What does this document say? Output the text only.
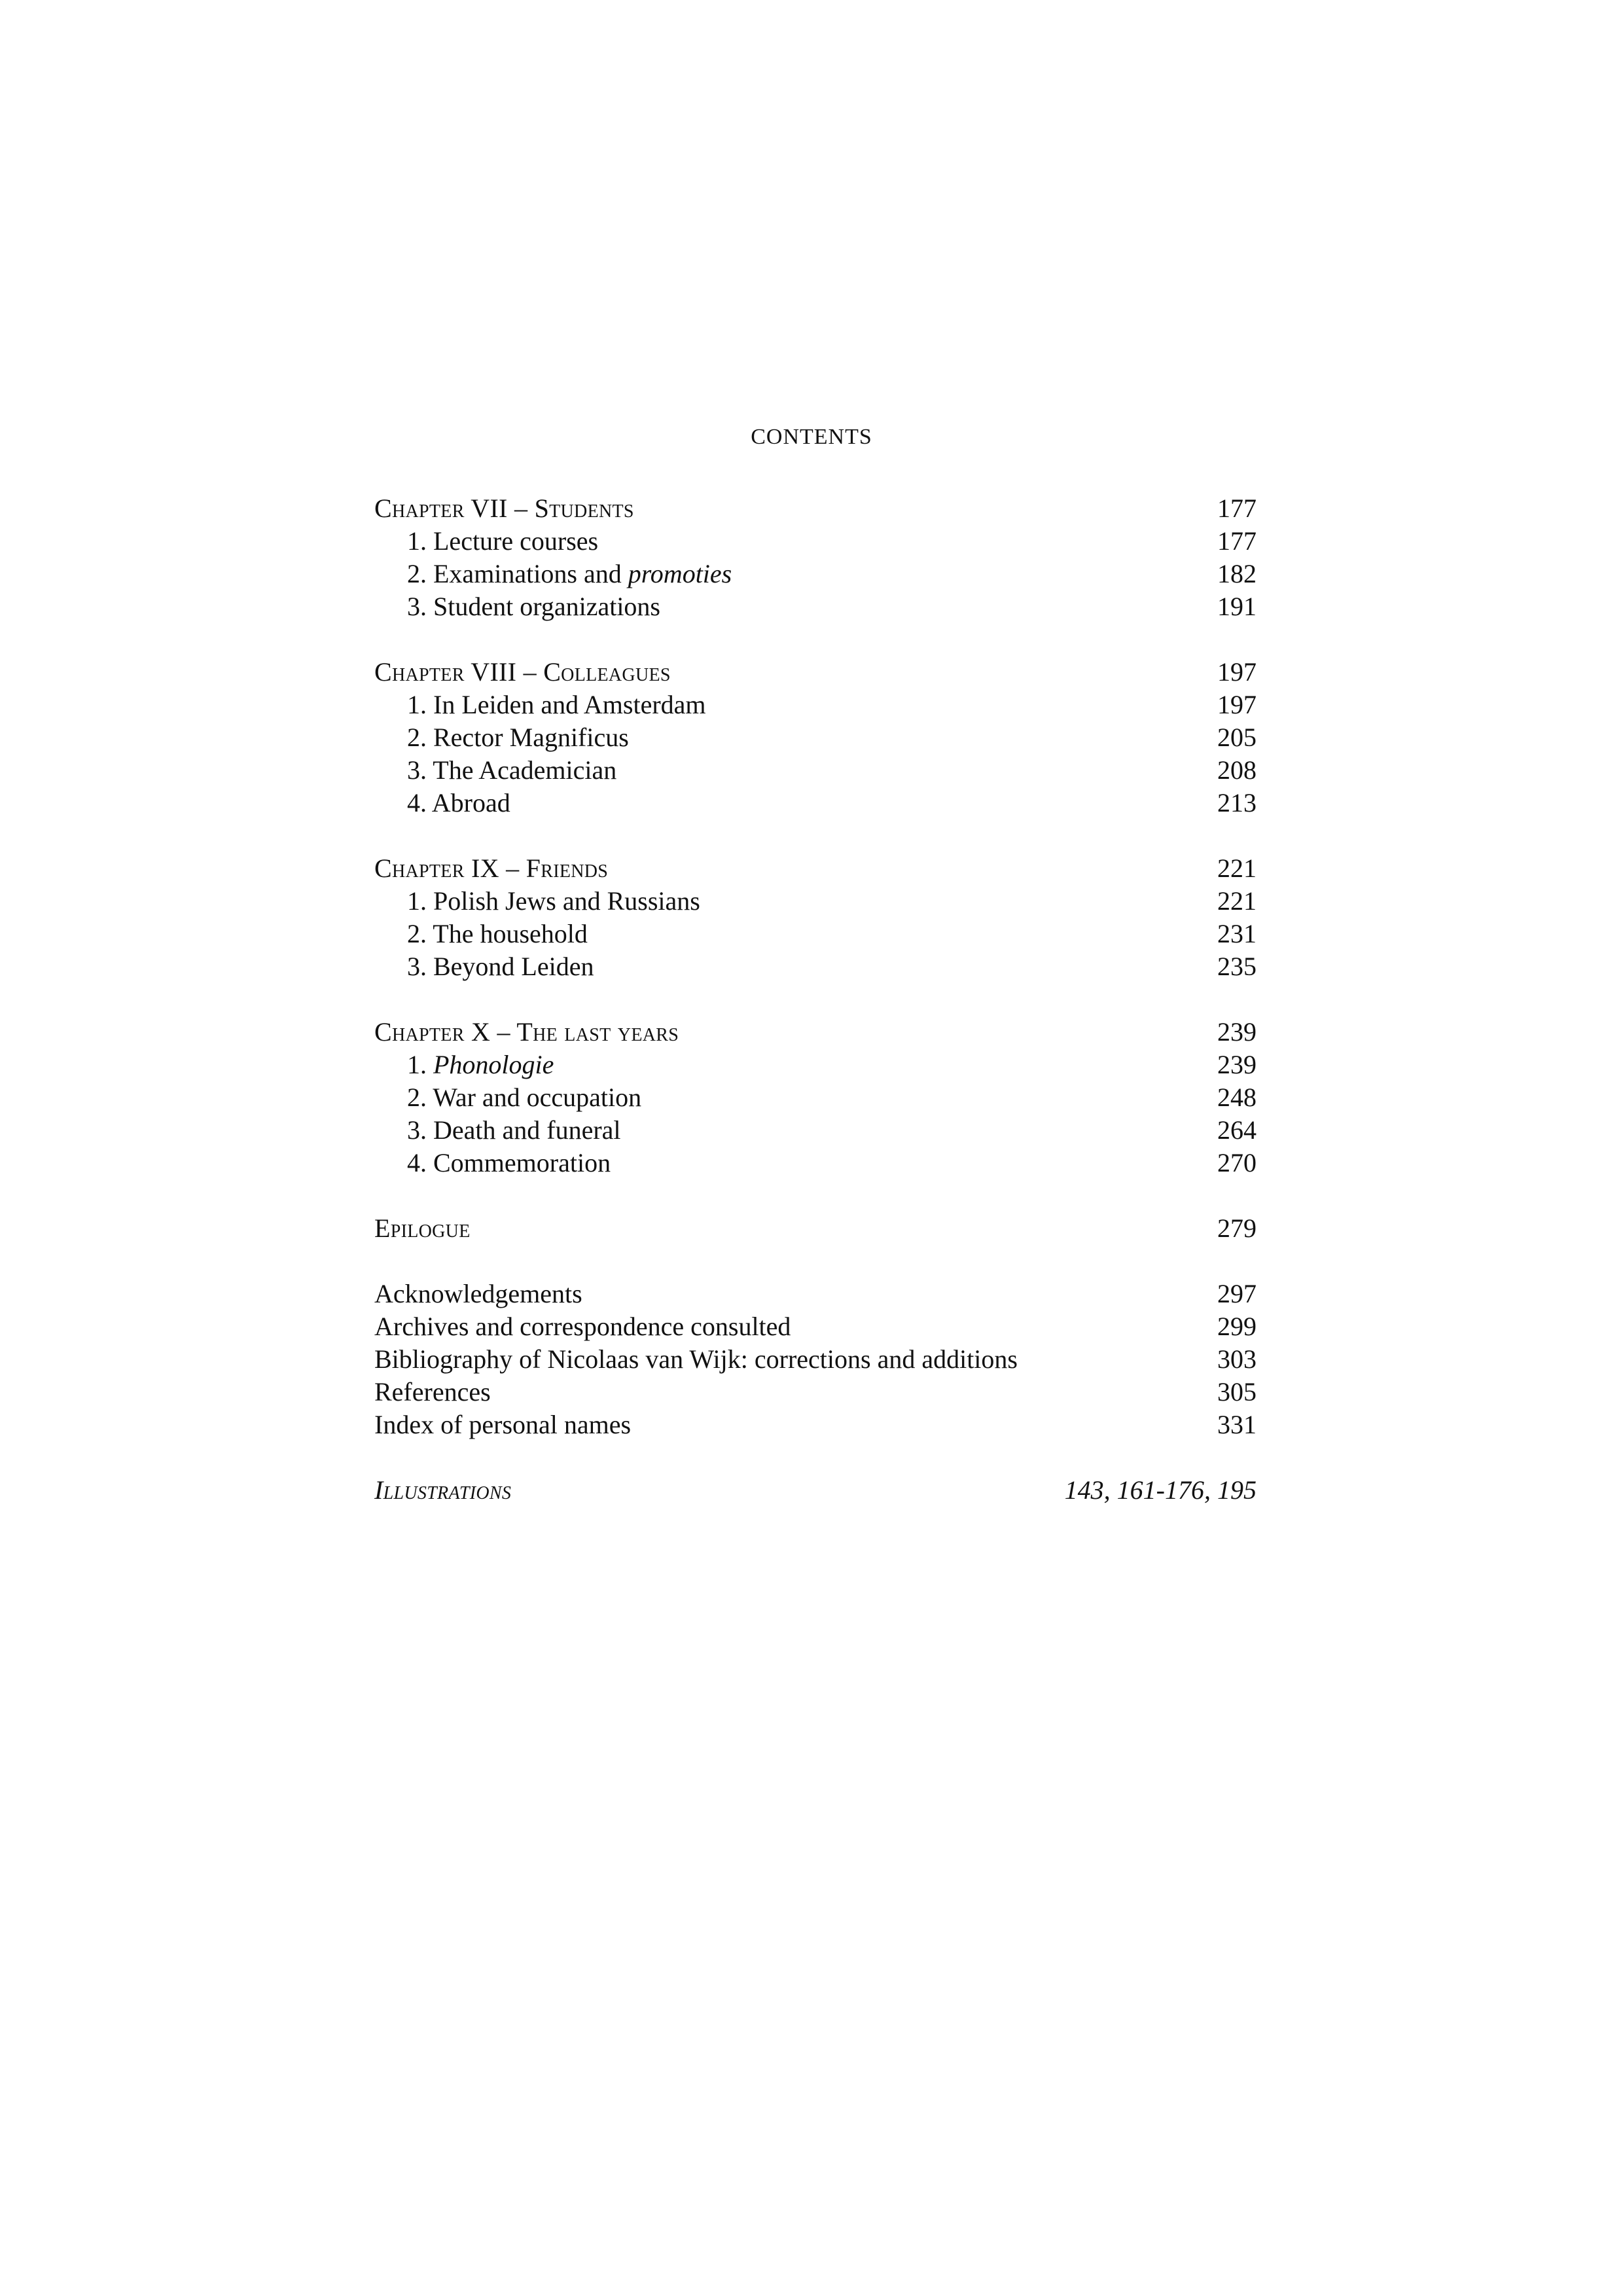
CONTENTS
Chapter VII – Students	177
1. Lecture courses	177
2. Examinations and promoties	182
3. Student organizations	191
Chapter VIII – Colleagues	197
1. In Leiden and Amsterdam	197
2. Rector Magnificus	205
3. The Academician	208
4. Abroad	213
Chapter IX – Friends	221
1. Polish Jews and Russians	221
2. The household	231
3. Beyond Leiden	235
Chapter X – The last years	239
1. Phonologie	239
2. War and occupation	248
3. Death and funeral	264
4. Commemoration	270
Epilogue	279
Acknowledgements	297
Archives and correspondence consulted	299
Bibliography of Nicolaas van Wijk: corrections and additions	303
References	305
Index of personal names	331
Illustrations	143, 161-176, 195
